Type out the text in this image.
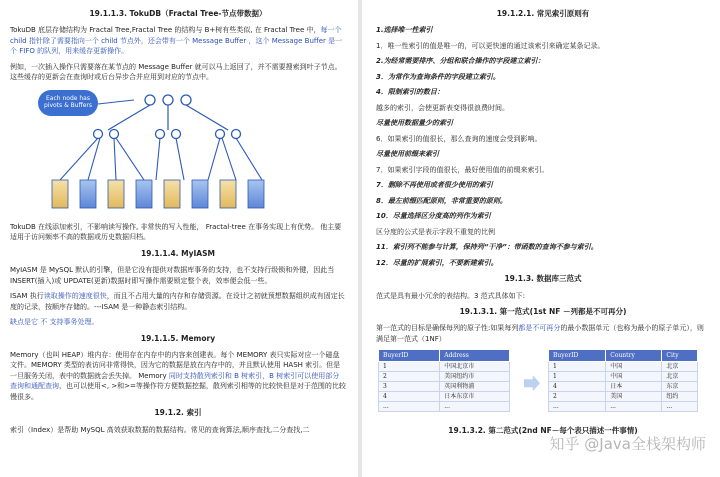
19.1.1.3. TokuDB（Fractal Tree-节点带数据）
TokuDB 底层存储结构为 Fractal Tree,Fractal Tree 的结构与 B+树有些类似, 在 Fractal Tree 中，每一个 child 指针除了需要指向一个 child 节点外，还会带有一个 Message Buffer ，这个 Message Buffer 是一个 FIFO 的队列，用来缓存更新操作。
例如，一次插入操作只需要落在某节点的 Message Buffer 就可以马上返回了，并不需要搜索到叶子节点。这些缓存的更新会在查询时或后台异步合并应用到对应的节点中。
Each node has pivots & Buffers
TokuDB 在线添加索引，不影响读写操作, 非常快的写入性能， Fractal-tree 在事务实现上有优势。 他主要适用于访问频率不高的数据或历史数据归档。
19.1.1.4. MyIASM
MyIASM 是 MySQL 默认的引擎，但是它没有提供对数据库事务的支持，也不支持行级锁和外键，因此当 INSERT(插入)或 UPDATE(更新)数据时即写操作需要锁定整个表，效率便会低一些。
ISAM 执行读取操作的速度很快，而且不占用大量的内存和存储资源。在设计之初就预想数据组织成有固定长度的记录，按顺序存储的。---ISAM 是一种静态索引结构。
缺点是它 不 支持事务处理。
19.1.1.5. Memory
Memory（也叫 HEAP）堆内存：使用存在内存中的内容来创建表。每个 MEMORY 表只实际对应一个磁盘文件。MEMORY 类型的表访问非常得快，因为它的数据是放在内存中的，并且默认使用 HASH 索引。但是一旦服务关闭，表中的数据就会丢失掉。 Memory 同时支持散列索引和 B 树索引，B 树索引可以使用部分查询和通配查询，也可以使用<, >和>=等操作符方便数据挖掘，散列索引相等的比较快但是对于范围的比较慢很多。
19.1.2. 索引
索引（Index）是帮助 MySQL 高效获取数据的数据结构。常见的查询算法,顺序查找,二分查找,二
19.1.2.1. 常见索引原则有
1.选择唯一性索引
1．唯一性索引的值是唯一的，可以更快速的通过该索引来确定某条记录。
2.为经常需要排序、分组和联合操作的字段建立索引：
3．为常作为查询条件的字段建立索引。
4．限制索引的数目：
越多的索引，会使更新表变得很浪费时间。
尽量使用数据量少的索引
6．如果索引的值很长，那么查询的速度会受到影响。
尽量使用前缀来索引
7．如果索引字段的值很长，最好使用值的前缀来索引。
7．删除不再使用或者很少使用的索引
8．最左前缀匹配原则，非常重要的原则。
10．尽量选择区分度高的列作为索引
区分度的公式是表示字段不重复的比例
11．索引列不能参与计算，保持列“干净”：带函数的查询不参与索引。
12．尽量的扩展索引，不要新建索引。
19.1.3. 数据库三范式
范式是具有最小冗余的表结构。3 范式具体如下:
19.1.3.1. 第一范式(1st NF －列都是不可再分)
第一范式的目标是确保每列的原子性:如果每列都是不可再分的最小数据单元（也称为最小的原子单元），则满足第一范式（1NF）
BuyerID	Address
1	中国北京市
2	美国纽约市
3	英国利物浦
4	日本东京市
...	...
BuyerID	Country	City
1	中国	北京
1	中国	北京
4	日本	东京
2	美国	纽约
...	...	...
19.1.3.2. 第二范式(2nd NF－每个表只描述一件事情)
知乎 @Java全栈架构师
